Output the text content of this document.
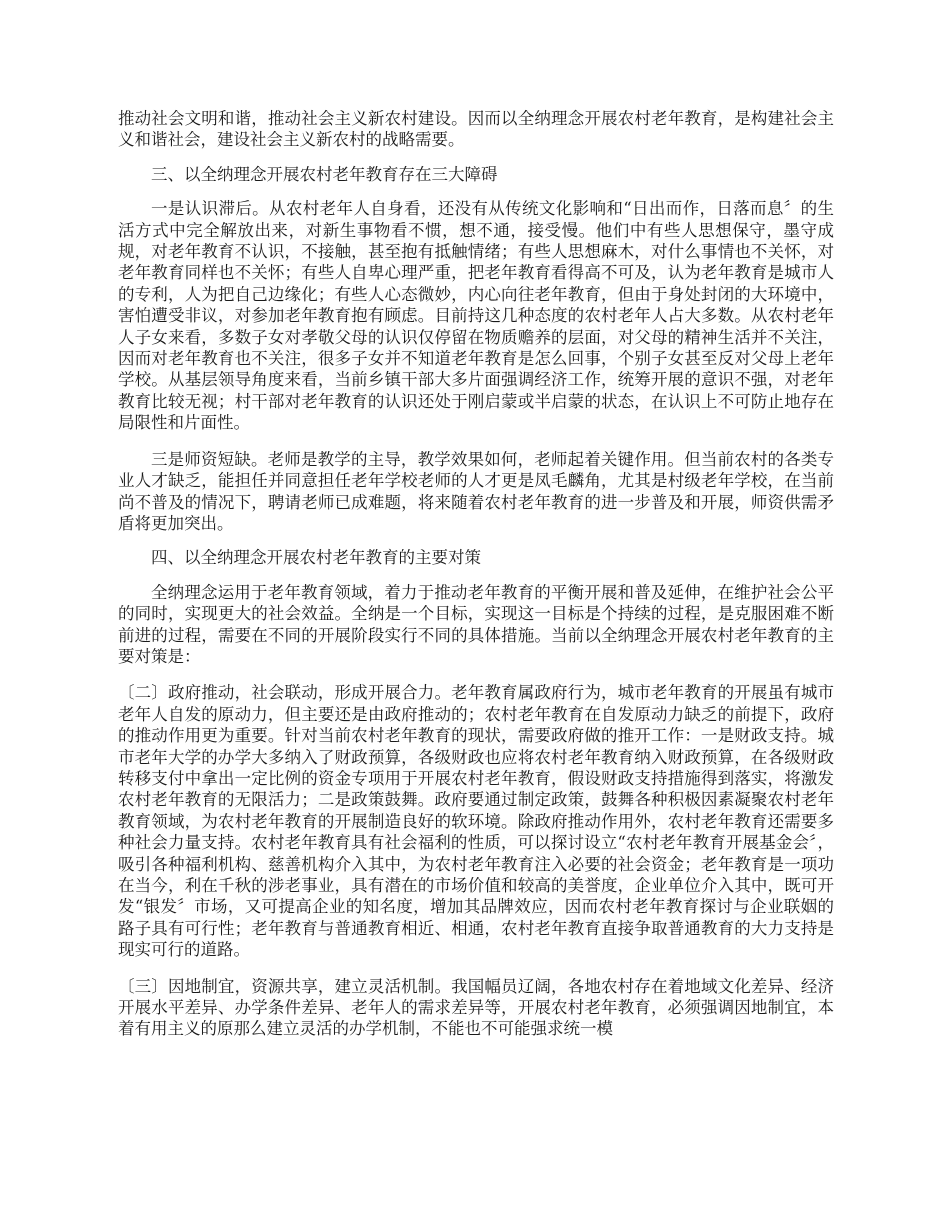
推动社会文明和谐，推动社会主义新农村建设。因而以全纳理念开展农村老年教育，是构建社会主义和谐社会，建设社会主义新农村的战略需要。

三、以全纳理念开展农村老年教育存在三大障碍

一是认识滞后。从农村老年人自身看，还没有从传统文化影响和“日出而作，日落而息〞的生活方式中完全解放出来，对新生事物看不惯，想不通，接受慢。他们中有些人思想保守，墨守成规，对老年教育不认识，不接触，甚至抱有抵触情绪；有些人思想麻木，对什么事情也不关怀，对老年教育同样也不关怀；有些人自卑心理严重，把老年教育看得高不可及，认为老年教育是城市人的专利，人为把自己边缘化；有些人心态微妙，内心向往老年教育，但由于身处封闭的大环境中，害怕遭受非议，对参加老年教育抱有顾虑。目前持这几种态度的农村老年人占大多数。从农村老年人子女来看，多数子女对孝敬父母的认识仅停留在物质赡养的层面，对父母的精神生活并不关注，因而对老年教育也不关注，很多子女并不知道老年教育是怎么回事，个别子女甚至反对父母上老年学校。从基层领导角度来看，当前乡镇干部大多片面强调经济工作，统筹开展的意识不强，对老年教育比较无视；村干部对老年教育的认识还处于刚启蒙或半启蒙的状态，在认识上不可防止地存在局限性和片面性。

三是师资短缺。老师是教学的主导，教学效果如何，老师起着关键作用。但当前农村的各类专业人才缺乏，能担任并同意担任老年学校老师的人才更是凤毛麟角，尤其是村级老年学校，在当前尚不普及的情况下，聘请老师已成难题，将来随着农村老年教育的进一步普及和开展，师资供需矛盾将更加突出。

四、以全纳理念开展农村老年教育的主要对策

全纳理念运用于老年教育领域，着力于推动老年教育的平衡开展和普及延伸，在维护社会公平的同时，实现更大的社会效益。全纳是一个目标，实现这一目标是个持续的过程，是克服困难不断前进的过程，需要在不同的开展阶段实行不同的具体措施。当前以全纳理念开展农村老年教育的主要对策是：

〔二〕政府推动，社会联动，形成开展合力。老年教育属政府行为，城市老年教育的开展虽有城市老年人自发的原动力，但主要还是由政府推动的；农村老年教育在自发原动力缺乏的前提下，政府的推动作用更为重要。针对当前农村老年教育的现状，需要政府做的推开工作：一是财政支持。城市老年大学的办学大多纳入了财政预算，各级财政也应将农村老年教育纳入财政预算，在各级财政转移支付中拿出一定比例的资金专项用于开展农村老年教育，假设财政支持措施得到落实，将激发农村老年教育的无限活力；二是政策鼓舞。政府要通过制定政策，鼓舞各种积极因素凝聚农村老年教育领域，为农村老年教育的开展制造良好的软环境。除政府推动作用外，农村老年教育还需要多种社会力量支持。农村老年教育具有社会福利的性质，可以探讨设立“农村老年教育开展基金会〞，吸引各种福利机构、慈善机构介入其中，为农村老年教育注入必要的社会资金；老年教育是一项功在当今，利在千秋的涉老事业，具有潜在的市场价值和较高的美誉度，企业单位介入其中，既可开发“银发〞市场，又可提高企业的知名度，增加其品牌效应，因而农村老年教育探讨与企业联姻的路子具有可行性；老年教育与普通教育相近、相通，农村老年教育直接争取普通教育的大力支持是现实可行的道路。

〔三〕因地制宜，资源共享，建立灵活机制。我国幅员辽阔，各地农村存在着地域文化差异、经济开展水平差异、办学条件差异、老年人的需求差异等，开展农村老年教育，必须强调因地制宜，本着有用主义的原那么建立灵活的办学机制，不能也不可能强求统一模
